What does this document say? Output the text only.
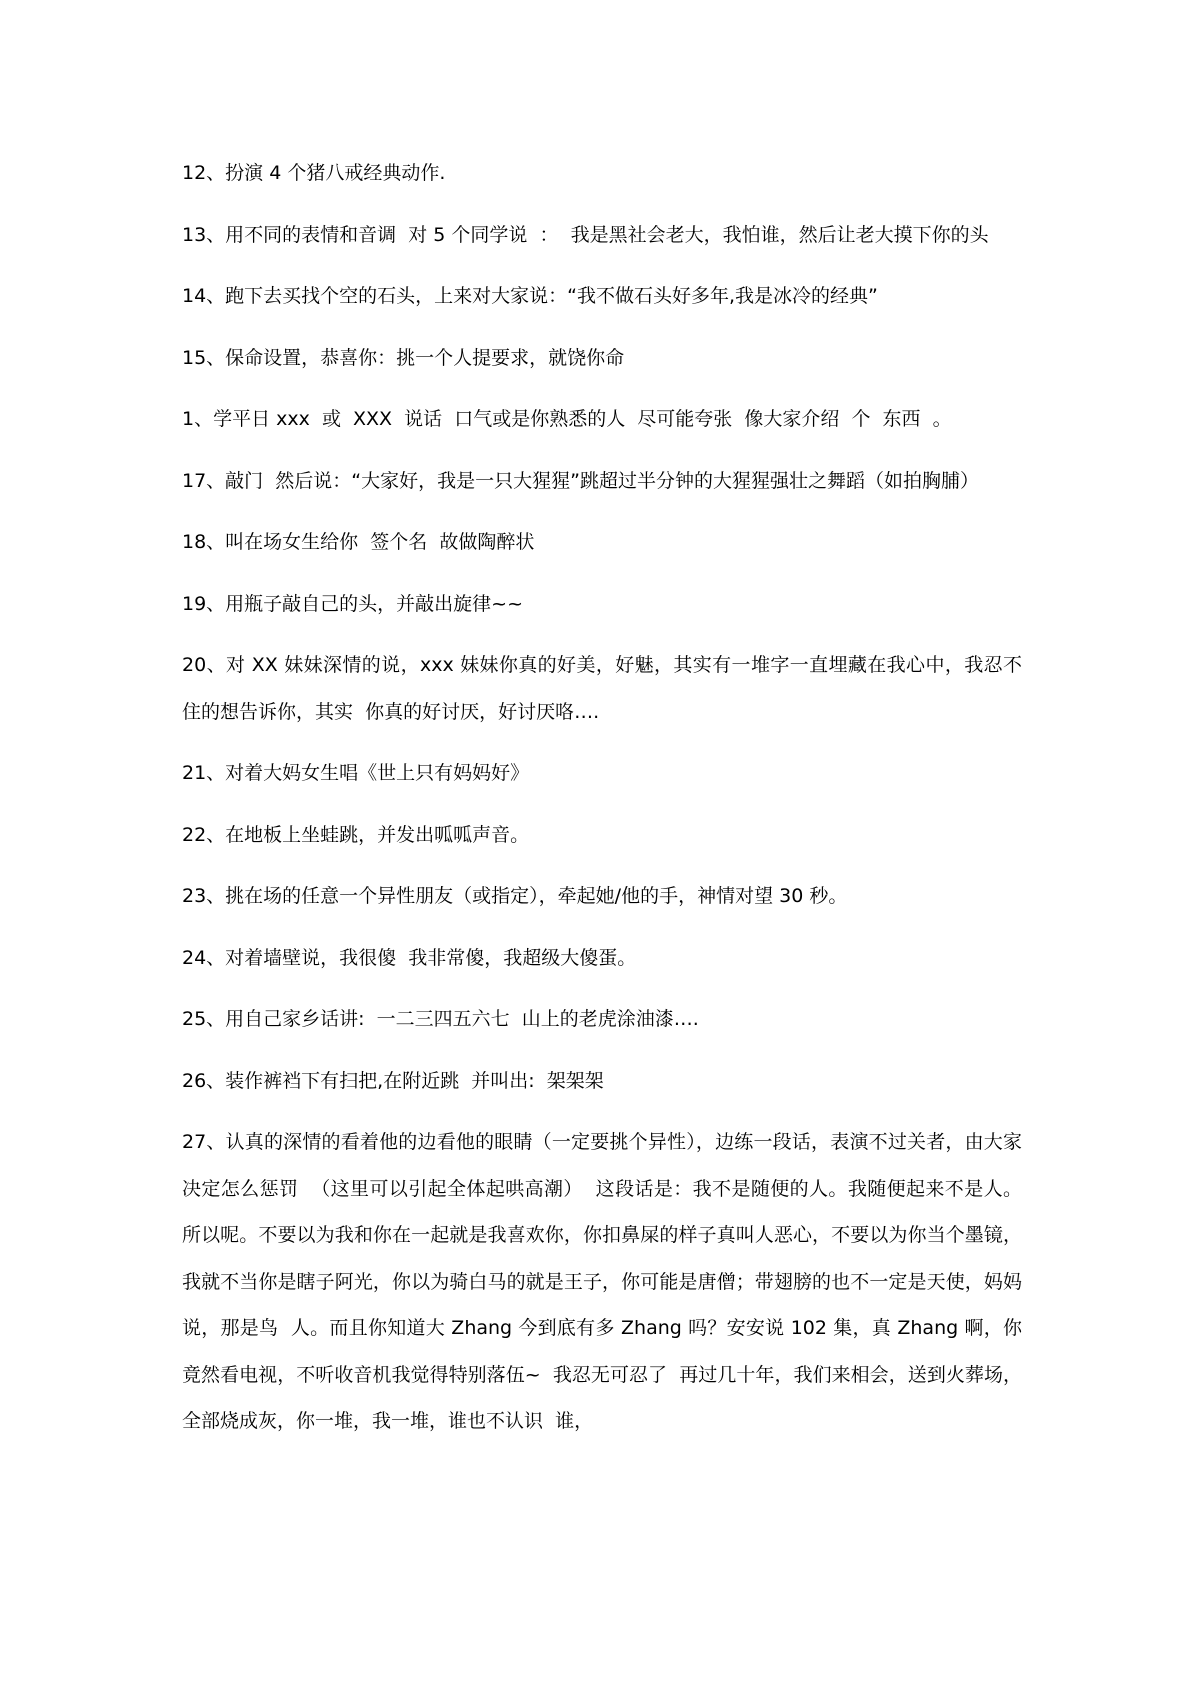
12、扮演 4 个猪八戒经典动作.

13、用不同的表情和音调  对 5 个同学说  ：  我是黑社会老大，我怕谁，然后让老大摸下你的头

14、跑下去买找个空的石头，上来对大家说：“我不做石头好多年,我是冰冷的经典”

15、保命设置，恭喜你：挑一个人提要求，就饶你命

1、学平日 xxx  或  XXX  说话  口气或是你熟悉的人  尽可能夸张  像大家介绍  个  东西  。

17、敲门  然后说：“大家好，我是一只大猩猩”跳超过半分钟的大猩猩强壮之舞蹈（如拍胸脯）

18、叫在场女生给你  签个名  故做陶醉状

19、用瓶子敲自己的头，并敲出旋律~~

20、对 XX 妹妹深情的说，xxx 妹妹你真的好美，好魅，其实有一堆字一直埋藏在我心中，我忍不住的想告诉你，其实  你真的好讨厌，好讨厌咯….

21、对着大妈女生唱《世上只有妈妈好》

22、在地板上坐蛙跳，并发出呱呱声音。

23、挑在场的任意一个异性朋友（或指定），牵起她/他的手，神情对望 30 秒。

24、对着墙壁说，我很傻  我非常傻，我超级大傻蛋。

25、用自己家乡话讲:  一二三四五六七  山上的老虎涂油漆….

26、装作裤裆下有扫把,在附近跳  并叫出:  架架架

27、认真的深情的看着他的边看他的眼睛（一定要挑个异性），边练一段话，表演不过关者，由大家决定怎么惩罚  （这里可以引起全体起哄高潮）  这段话是：我不是随便的人。我随便起来不是人。所以呢。不要以为我和你在一起就是我喜欢你，你扣鼻屎的样子真叫人恶心，不要以为你当个墨镜，我就不当你是瞎子阿光，你以为骑白马的就是王子，你可能是唐僧；带翅膀的也不一定是天使，妈妈说，那是鸟  人。而且你知道大 Zhang 今到底有多 Zhang 吗？安安说 102 集，真 Zhang 啊，你竟然看电视，不听收音机我觉得特别落伍~  我忍无可忍了  再过几十年，我们来相会，送到火葬场，全部烧成灰，你一堆，我一堆，谁也不认识  谁，
